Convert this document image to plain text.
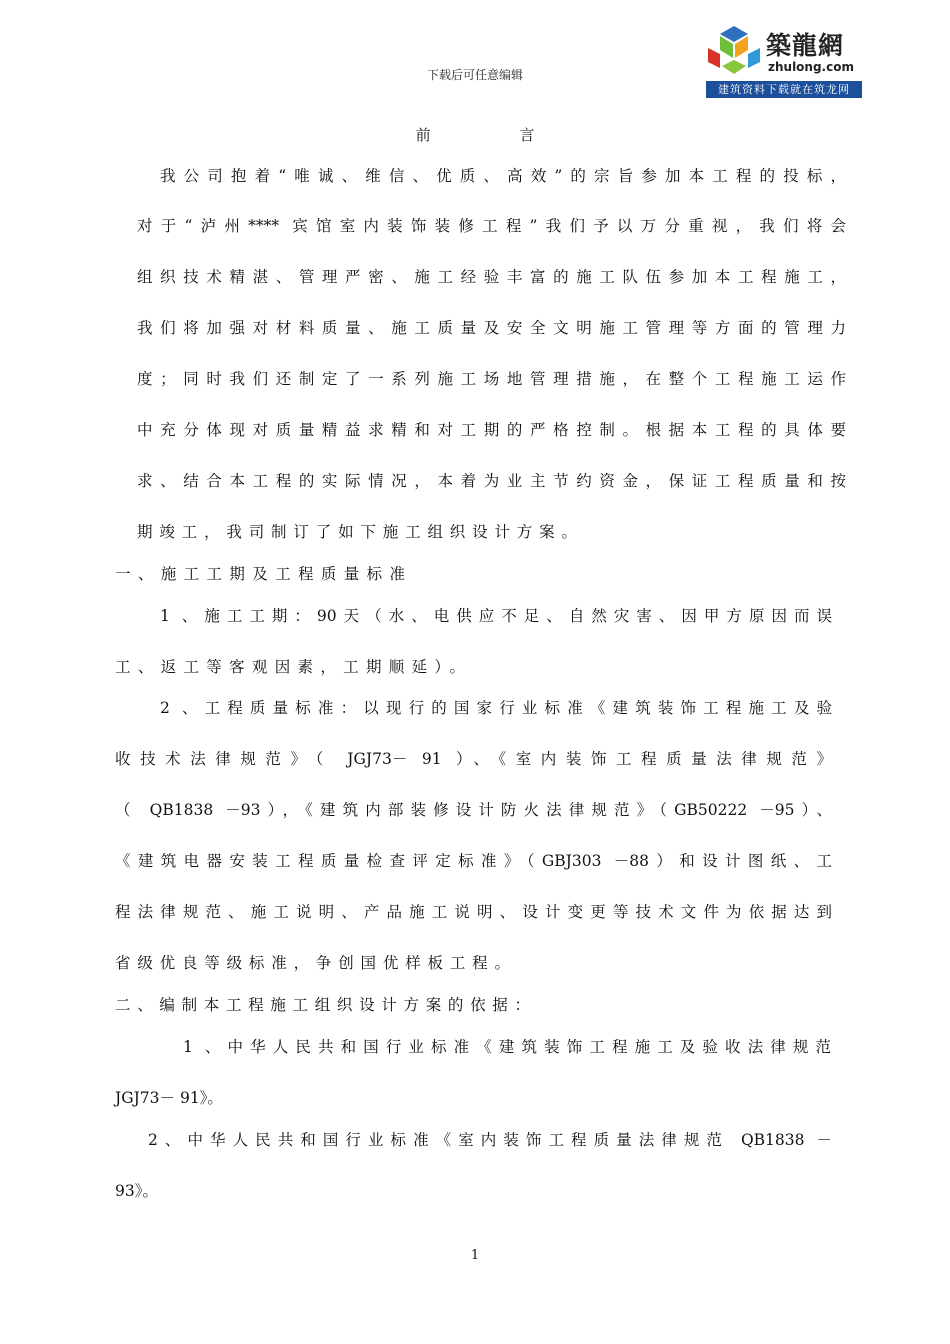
下载后可任意编辑
築龍網
zhulong.com
建筑资料下载就在筑龙网
前	言
我公司抱着“唯诚、维信、优质、高效”的宗旨参加本工程的投标，
对于“泸州**** 宾馆室内装饰装修工程”我们予以万分重视，我们将会
组织技术精湛、管理严密、施工经验丰富的施工队伍参加本工程施工，
我们将加强对材料质量、施工质量及安全文明施工管理等方面的管理力
度；同时我们还制定了一系列施工场地管理措施，在整个工程施工运作
中充分体现对质量精益求精和对工期的严格控制。根据本工程的具体要
求、结合本工程的实际情况，本着为业主节约资金，保证工程质量和按
期竣工，我司制订了如下施工组织设计方案。
一、施工工期及工程质量标准
1 、施工工期：90天（水、电供应不足、自然灾害、因甲方原因而误
工、返工等客观因素，工期顺延）。
2 、工程质量标准：以现行的国家行业标准《建筑装饰工程施工及验
收技术法律规范》（ JGJ73－ 91 ）、《室内装饰工程质量法律规范》
（ QB1838 －93），《建筑内部装修设计防火法律规范》（GB50222 －95）、
《建筑电器安装工程质量检查评定标准》（GBJ303 －88）和设计图纸、工
程法律规范、施工说明、产品施工说明、设计变更等技术文件为依据达到
省级优良等级标准，争创国优样板工程。
二、编制本工程施工组织设计方案的依据：
1 、中华人民共和国行业标准《建筑装饰工程施工及验收法律规范
JGJ73－ 91》。
2、中华人民共和国行业标准《室内装饰工程质量法律规范 QB1838 －
93》。
1
